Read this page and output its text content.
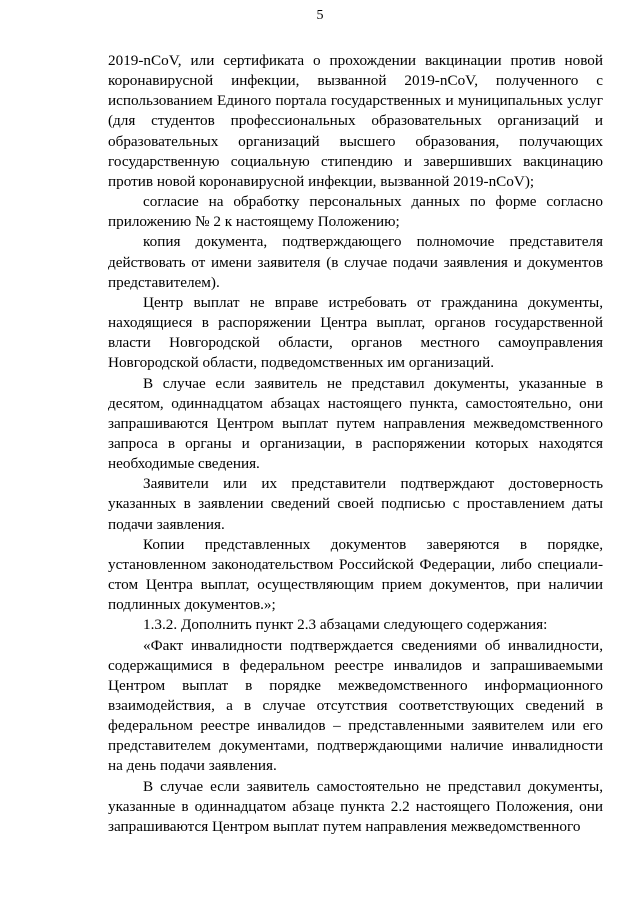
5

2019-nCoV, или сертификата о прохождении вакцинации против новой коронавирусной инфекции, вызванной 2019-nCoV, полученного с использованием Единого портала государственных и муниципальных услуг (для студентов профессиональных образовательных организаций и образовательных организаций высшего образования, получающих государственную социальную стипендию и завершивших вакцинацию против новой коронавирусной инфекции, вызванной 2019-nCoV);

согласие на обработку персональных данных по форме согласно приложению № 2 к настоящему Положению;

копия документа, подтверждающего полномочие представителя действовать от имени заявителя (в случае подачи заявления и документов представителем).

Центр выплат не вправе истребовать от гражданина документы, находящиеся в распоряжении Центра выплат, органов государственной власти Новгородской области, органов местного самоуправления Новгородской области, подведомственных им организаций.

В случае если заявитель не представил документы, указанные в десятом, одиннадцатом абзацах настоящего пункта, самостоятельно, они запрашиваются Центром выплат путем направления межведомственного запроса в органы и организации, в распоряжении которых находятся необходимые сведения.

Заявители или их представители подтверждают достоверность указанных в заявлении сведений своей подписью с проставлением даты подачи заявления.

Копии представленных документов заверяются в порядке, установленном законодательством Российской Федерации, либо специалистом Центра выплат, осуществляющим прием документов, при наличии подлинных документов.»;

1.3.2. Дополнить пункт 2.3 абзацами следующего содержания:

«Факт инвалидности подтверждается сведениями об инвалидности, содержащимися в федеральном реестре инвалидов и запрашиваемыми Центром выплат в порядке межведомственного информационного взаимодействия, а в случае отсутствия соответствующих сведений в федеральном реестре инвалидов – представленными заявителем или его представителем документами, подтверждающими наличие инвалидности на день подачи заявления.

В случае если заявитель самостоятельно не представил документы, указанные в одиннадцатом абзаце пункта 2.2 настоящего Положения, они запрашиваются Центром выплат путем направления межведомственного
